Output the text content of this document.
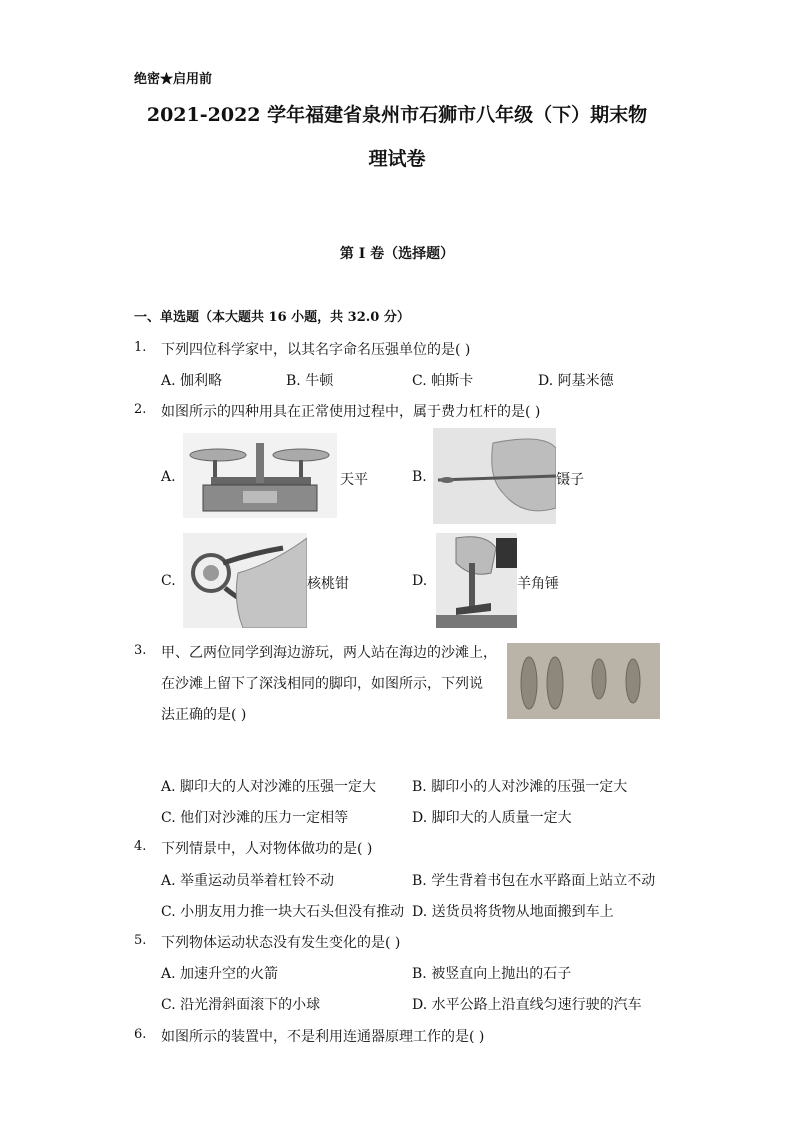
绝密★启用前
2021-2022 学年福建省泉州市石狮市八年级（下）期末物
理试卷
第 I 卷（选择题）
一、单选题（本大题共 16 小题，共 32.0 分）
1. 下列四位科学家中，以其名字命名压强单位的是( )
A. 伽利略	B. 牛顿	C. 帕斯卡	D. 阿基米德
2. 如图所示的四种用具在正常使用过程中，属于费力杠杆的是( )
A.	天平	B.	镊子
C.	核桃钳	D.	羊角锤
3. 甲、乙两位同学到海边游玩，两人站在海边的沙滩上，
在沙滩上留下了深浅相同的脚印，如图所示，下列说
法正确的是( )
A. 脚印大的人对沙滩的压强一定大	B. 脚印小的人对沙滩的压强一定大
C. 他们对沙滩的压力一定相等	D. 脚印大的人质量一定大
4. 下列情景中，人对物体做功的是( )
A. 举重运动员举着杠铃不动	B. 学生背着书包在水平路面上站立不动
C. 小朋友用力推一块大石头但没有推动 D. 送货员将货物从地面搬到车上
5. 下列物体运动状态没有发生变化的是( )
A. 加速升空的火箭	B. 被竖直向上抛出的石子
C. 沿光滑斜面滚下的小球	D. 水平公路上沿直线匀速行驶的汽车
6. 如图所示的装置中，不是利用连通器原理工作的是( )
